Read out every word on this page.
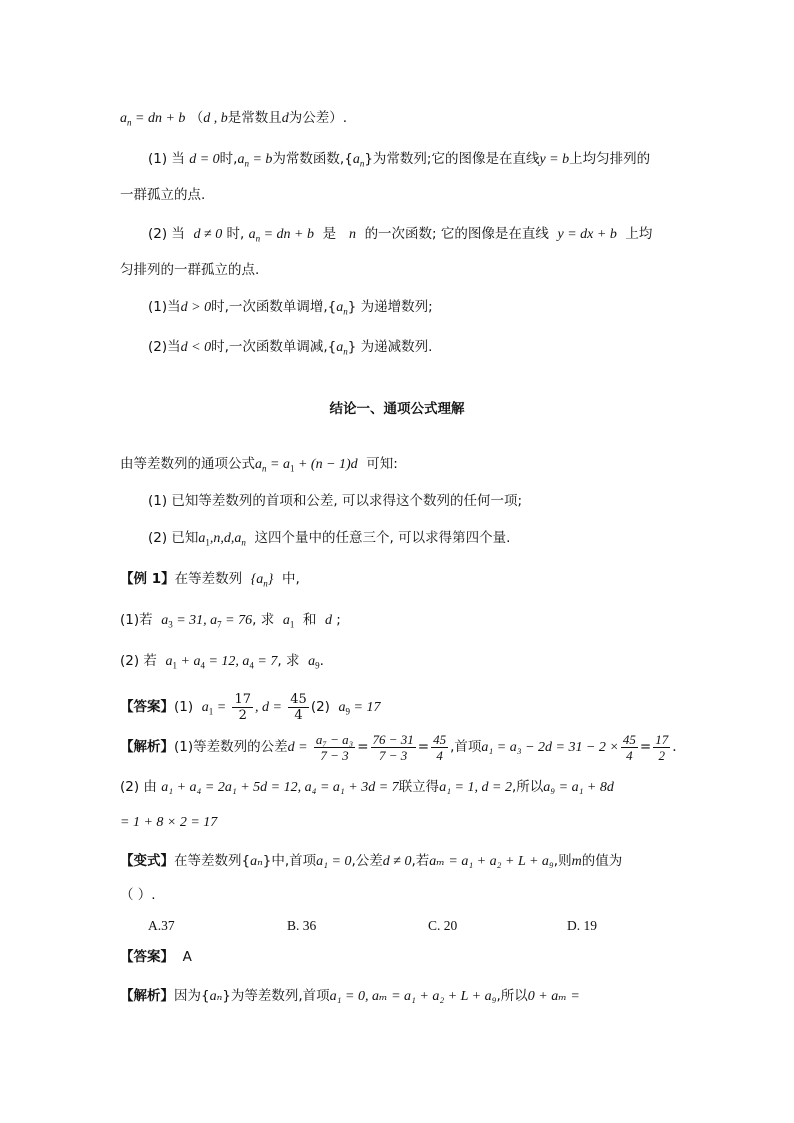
$a_n$ = dn + b （d , b是常数且d为公差）.
(1) 当 d = 0时$,a_n = b$为常数函数$,\{a_n\}$为常数列;它的图像是在直线y = b上均匀排列的
一群孤立的点.
(2) 当 d ≠ 0 时, $a_n$ = dn + b 是 n 的一次函数; 它的图像是在直线 y = dx + b 上均
匀排列的一群孤立的点.
(1)当d > 0时,一次函数单调增$,\{a_n\}$ 为递增数列;
(2)当d < 0时,一次函数单调减$,\{a_n\}$ 为递减数列.
结论一、通项公式理解
由等差数列的通项公式$a_n = a_1 + (n - 1)d$ 可知:
(1) 已知等差数列的首项和公差, 可以求得这个数列的任何一项;
(2) 已知$a_1,n,d,a_n$ 这四个量中的任意三个, 可以求得第四个量.
【例 1】在等差数列 $\{a_n\}$ 中,
(1)若 $a_3 = 31$, $a_7 = 76$, 求 $a_1$ 和 d ;
(2) 若 $a_1 + a_4 = 12$, $a_4 = 7$, 求 $a_9$.
【答案】(1) $a_1 = \frac{17}{2}$ , $d = \frac{45}{4} (2) a_9 = 17$
【解析】(1)等差数列的公差$d = \frac{\text{a₇ − a₃}}{7 - 3} = \frac{76 - 31}{7 - 3} = \frac{45}{4}$ ,首项$a_1 = a_3 - 2d = 31 - 2 \times \frac{45}{4} = \frac{17}{2}$ .
(2) 由 a₁ + a₄ = 2a₁ + 5d = 12, a₄ = a₁ + 3d = 7联立得a₁ = 1, d = 2,所以a₉ = a₁ + 8d
= 1 + 8 × 2 = 17
【变式】在等差数列{aₙ}中,首项a₁ = 0,公差d ≠ 0,若aₘ = a₁ + a₂ + L + a₉,则m的值为
（ ）.
A.37	B. 36	C. 20	D. 19
【答案】 A
【解析】因为{aₙ}为等差数列,首项a₁ = 0, aₘ = a₁ + a₂ + L + a₉,所以0 + aₘ =
